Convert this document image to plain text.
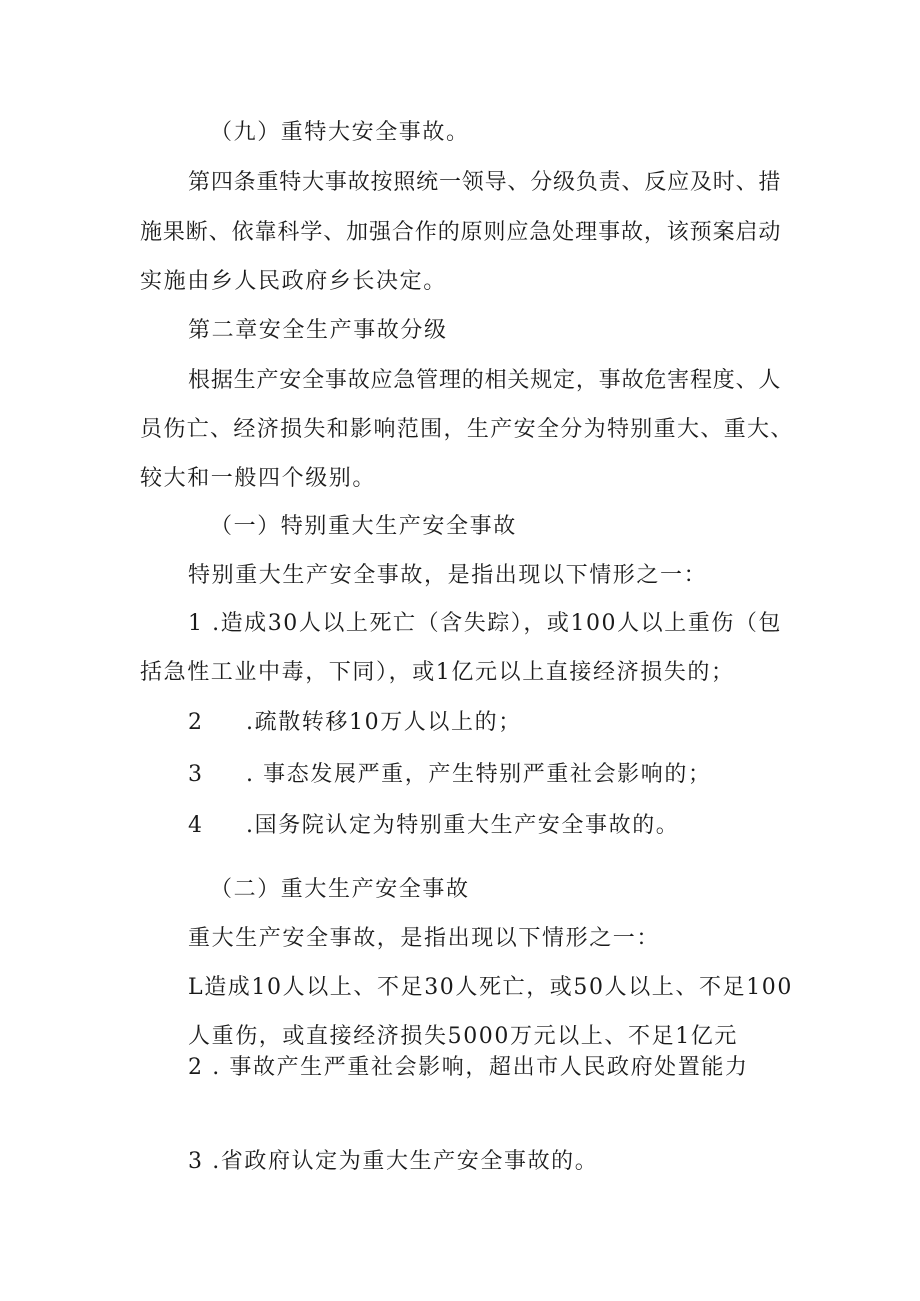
（九）重特大安全事故。
第四条重特大事故按照统一领导、分级负责、反应及时、措
施果断、依靠科学、加强合作的原则应急处理事故，该预案启动
实施由乡人民政府乡长决定。
第二章安全生产事故分级
根据生产安全事故应急管理的相关规定，事故危害程度、人
员伤亡、经济损失和影响范围，生产安全分为特别重大、重大、
较大和一般四个级别。
（一）特别重大生产安全事故
特别重大生产安全事故，是指出现以下情形之一：
1 .造成30人以上死亡（含失踪），或100人以上重伤（包
括急性工业中毒，下同），或1亿元以上直接经济损失的；
2 .疏散转移10万人以上的；
3 . 事态发展严重，产生特别严重社会影响的；
4 .国务院认定为特别重大生产安全事故的。
（二）重大生产安全事故
重大生产安全事故，是指出现以下情形之一：
L造成10人以上、不足30人死亡，或50人以上、不足100
人重伤，或直接经济损失5000万元以上、不足1亿元
2 . 事故产生严重社会影响，超出市人民政府处置能力
3 .省政府认定为重大生产安全事故的。
